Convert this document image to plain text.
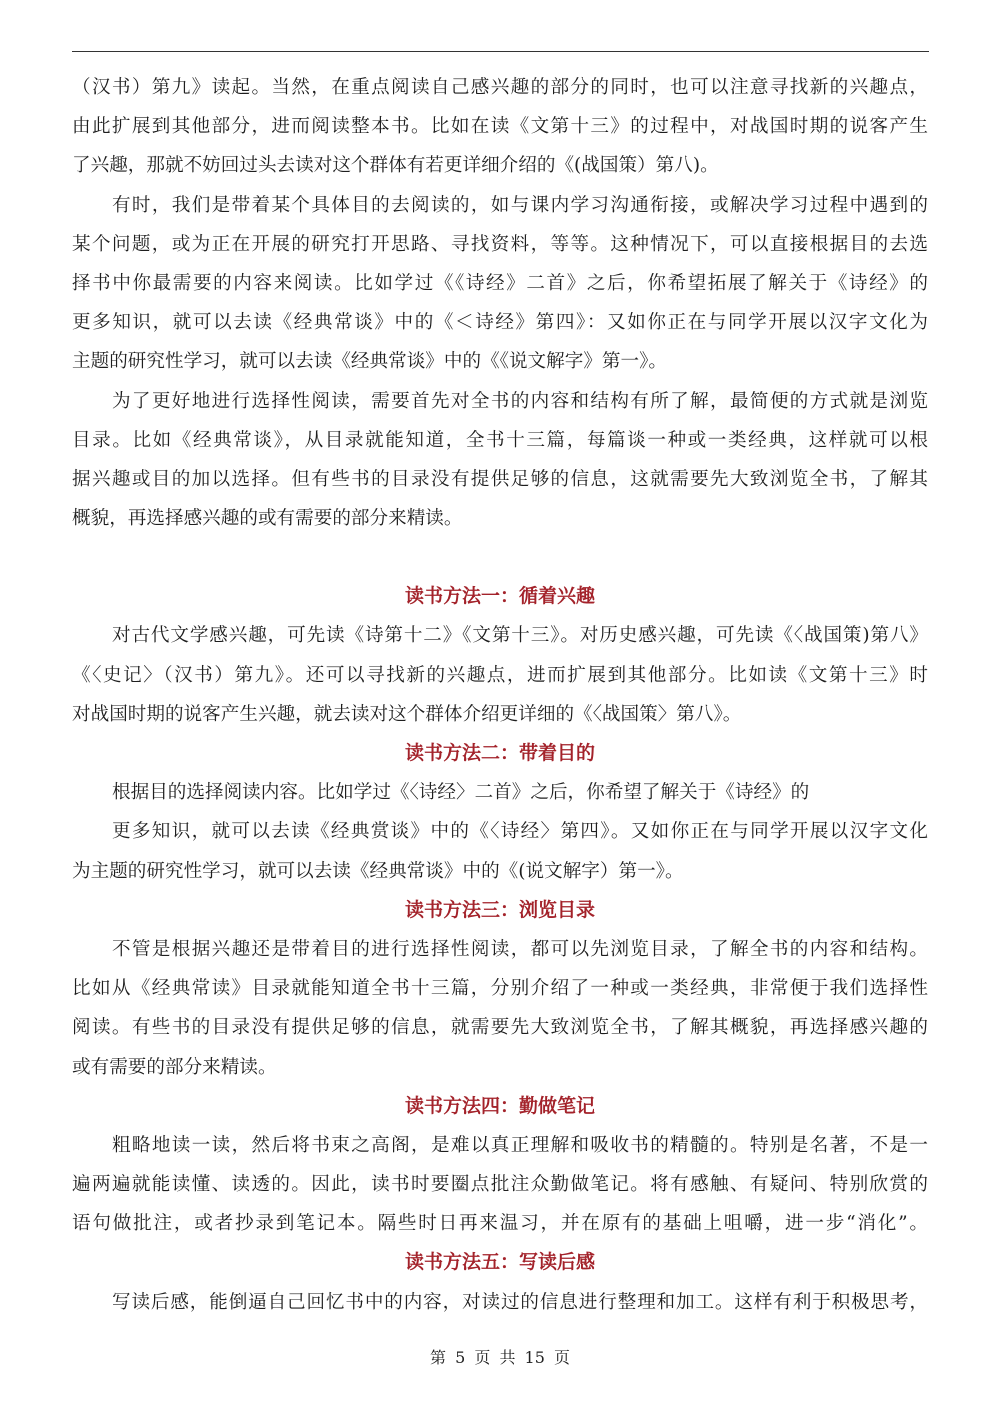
（汉书）第九》读起。当然，在重点阅读自己感兴趣的部分的同时，也可以注意寻找新的兴趣点，
由此扩展到其他部分，进而阅读整本书。比如在读《文第十三》的过程中，对战国时期的说客产生
了兴趣，那就不妨回过头去读对这个群体有若更详细介绍的《(战国策）第八)。
有时，我们是带着某个具体目的去阅读的，如与课内学习沟通衔接，或解决学习过程中遇到的
某个问题，或为正在开展的研究打开思路、寻找资料，等等。这种情况下，可以直接根据目的去选
择书中你最需要的内容来阅读。比如学过《《诗经》二首》之后，你希望拓展了解关于《诗经》的
更多知识，就可以去读《经典常谈》中的《＜诗经》第四》：又如你正在与同学开展以汉字文化为
主题的研究性学习，就可以去读《经典常谈》中的《《说文解字》第一》。
为了更好地进行选择性阅读，需要首先对全书的内容和结构有所了解，最简便的方式就是浏览
目录。比如《经典常谈》，从目录就能知道，全书十三篇，每篇谈一种或一类经典，这样就可以根
据兴趣或目的加以选择。但有些书的目录没有提供足够的信息，这就需要先大致浏览全书，了解其
概貌，再选择感兴趣的或有需要的部分来精读。
读书方法一：循着兴趣
对古代文学感兴趣，可先读《诗第十二》《文第十三》。对历史感兴趣，可先读《〈战国策)第八》
《〈史记〉（汉书）第九》。还可以寻找新的兴趣点，进而扩展到其他部分。比如读《文第十三》时
对战国时期的说客产生兴趣，就去读对这个群体介绍更详细的《〈战国策〉第八》。
读书方法二：带着目的
根据目的选择阅读内容。比如学过《〈诗经〉二首》之后，你希望了解关于《诗经》的
更多知识，就可以去读《经典赏谈》中的《〈诗经〉第四》。又如你正在与同学开展以汉字文化
为主题的研究性学习，就可以去读《经典常谈》中的《(说文解字）第一》。
读书方法三：浏览目录
不管是根据兴趣还是带着目的进行选择性阅读，都可以先浏览目录，了解全书的内容和结构。
比如从《经典常读》目录就能知道全书十三篇，分别介绍了一种或一类经典，非常便于我们选择性
阅读。有些书的目录没有提供足够的信息，就需要先大致浏览全书，了解其概貌，再选择感兴趣的
或有需要的部分来精读。
读书方法四：勤做笔记
粗略地读一读，然后将书束之高阁，是难以真正理解和吸收书的精髓的。特别是名著，不是一
遍两遍就能读懂、读透的。因此，读书时要圈点批注众勤做笔记。将有感触、有疑问、特别欣赏的
语句做批注，或者抄录到笔记本。隔些时日再来温习，并在原有的基础上咀嚼，进一步“消化”。
读书方法五：写读后感
写读后感，能倒逼自己回忆书中的内容，对读过的信息进行整理和加工。这样有利于积极思考，
第 5 页 共 15 页
